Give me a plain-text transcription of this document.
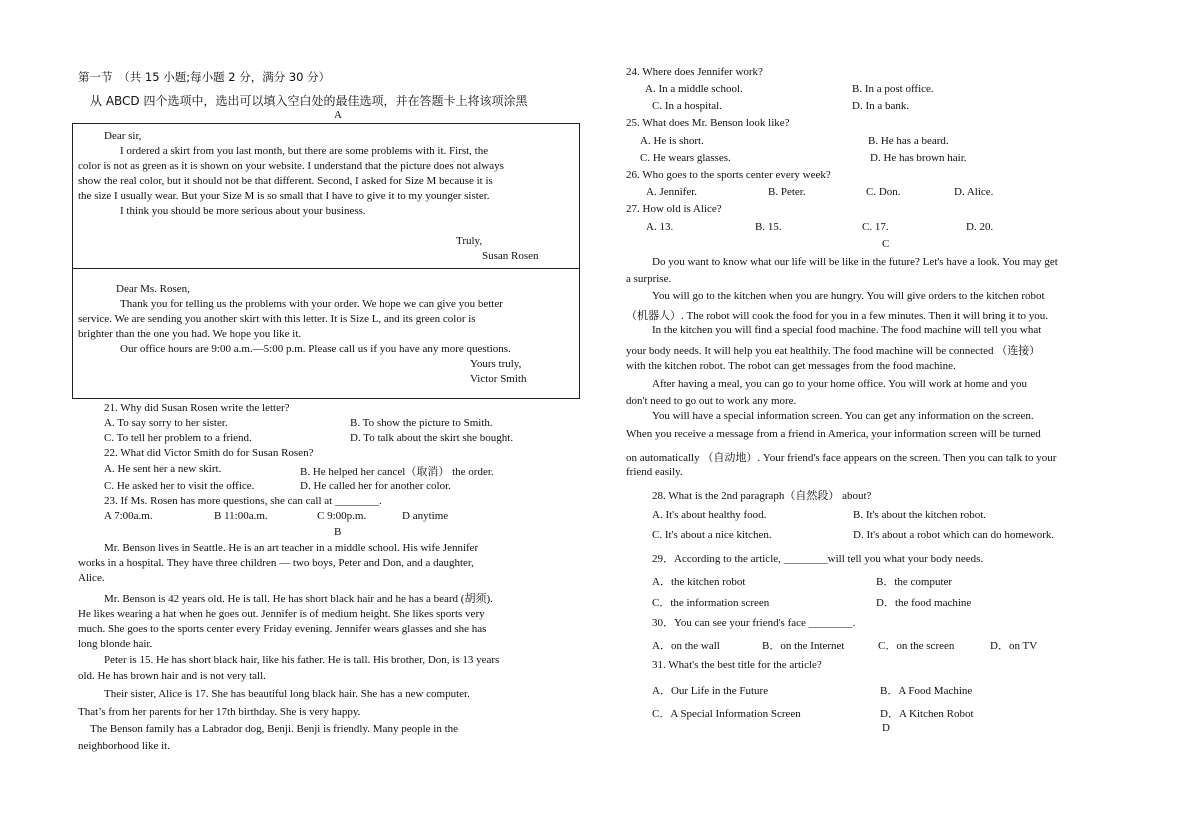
第一节　（共 15 小题;每小题 2 分，满分 30 分）
从 ABCD 四个选项中，选出可以填入空白处的最佳选项，并在答题卡上将该项涂黑
A
Dear sir,
I ordered a skirt from you last month, but there are some problems with it. First, the
color is not as green as it is shown on your website. I understand that the picture does not always
show the real color, but it should not be that different. Second, I asked for Size M because it is
the size I usually wear. But your Size M is so small that I have to give it to my younger sister.
I think you should be more serious about your business.
Truly,
Susan Rosen
Dear Ms. Rosen,
Thank you for telling us the problems with your order. We hope we can give you better
service. We are sending you another skirt with this letter. It is Size L, and its green color is
brighter than the one you had. We hope you like it.
Our office hours are 9:00 a.m.—5:00 p.m. Please call us if you have any more questions.
Yours truly,
Victor Smith
21. Why did Susan Rosen write the letter?
A. To say sorry to her sister.	B. To show the picture to Smith.
C. To tell her problem to a friend.	D. To talk about the skirt she bought.
22. What did Victor Smith do for Susan Rosen?
A. He sent her a new skirt.	B. He helped her cancel（取消） the order.
C. He asked her to visit the office.	D. He called her for another color.
23. If Ms. Rosen has more questions, she can call at ________.
A 7:00a.m.	B 11:00a.m.	C 9:00p.m.	D anytime
B
Mr. Benson lives in Seattle. He is an art teacher in a middle school. His wife Jennifer
works in a hospital. They have three children — two boys, Peter and Don, and a daughter,
Alice.
Mr. Benson is 42 years old. He is tall. He has short black hair and he has a beard (胡须).
He likes wearing a hat when he goes out. Jennifer is of medium height. She likes sports very
much. She goes to the sports center every Friday evening. Jennifer wears glasses and she has
long blonde hair.
Peter is 15. He has short black hair, like his father. He is tall. His brother, Don, is 13 years
old. He has brown hair and is not very tall.
Their sister, Alice is 17. She has beautiful long black hair. She has a new computer.
That’s from her parents for her 17th birthday. She is very happy.
The Benson family has a Labrador dog, Benji. Benji is friendly. Many people in the
neighborhood like it.
24. Where does Jennifer work?
A. In a middle school.	B. In a post office.
C. In a hospital.	D. In a bank.
25. What does Mr. Benson look like?
A. He is short.	B. He has a beard.
C. He wears glasses.	D. He has brown hair.
26. Who goes to the sports center every week?
A. Jennifer.	B. Peter.	C. Don.	D. Alice.
27. How old is Alice?
A. 13.	B. 15.	C. 17.	D. 20.
C
Do you want to know what our life will be like in the future? Let's have a look. You may get
a surprise.
You will go to the kitchen when you are hungry. You will give orders to the kitchen robot
（机器人）. The robot will cook the food for you in a few minutes. Then it will bring it to you.
In the kitchen you will find a special food machine. The food machine will tell you what
your body needs. It will help you eat healthily. The food machine will be connected （连接）
with the kitchen robot. The robot can get messages from the food machine.
After having a meal, you can go to your home office. You will work at home and you
don't need to go out to work any more.
You will have a special information screen. You can get any information on the screen.
When you receive a message from a friend in America, your information screen will be turned
on automatically （自动地）. Your friend's face appears on the screen. Then you can talk to your
friend easily.
28. What is the 2nd paragraph（自然段） about?
A. It's about healthy food.	B. It's about the kitchen robot.
C. It's about a nice kitchen.	D. It's about a robot which can do homework.
29．According to the article, ________will tell you what your body needs.
A．the kitchen robot	B．the computer
C．the information screen	D．the food machine
30．You can see your friend's face ________.
A．on the wall	B．on the Internet	C．on the screen	D．on TV
31. What's the best title for the article?
A．Our Life in the Future	B．A Food Machine
C．A Special Information Screen	D．A Kitchen Robot
D
